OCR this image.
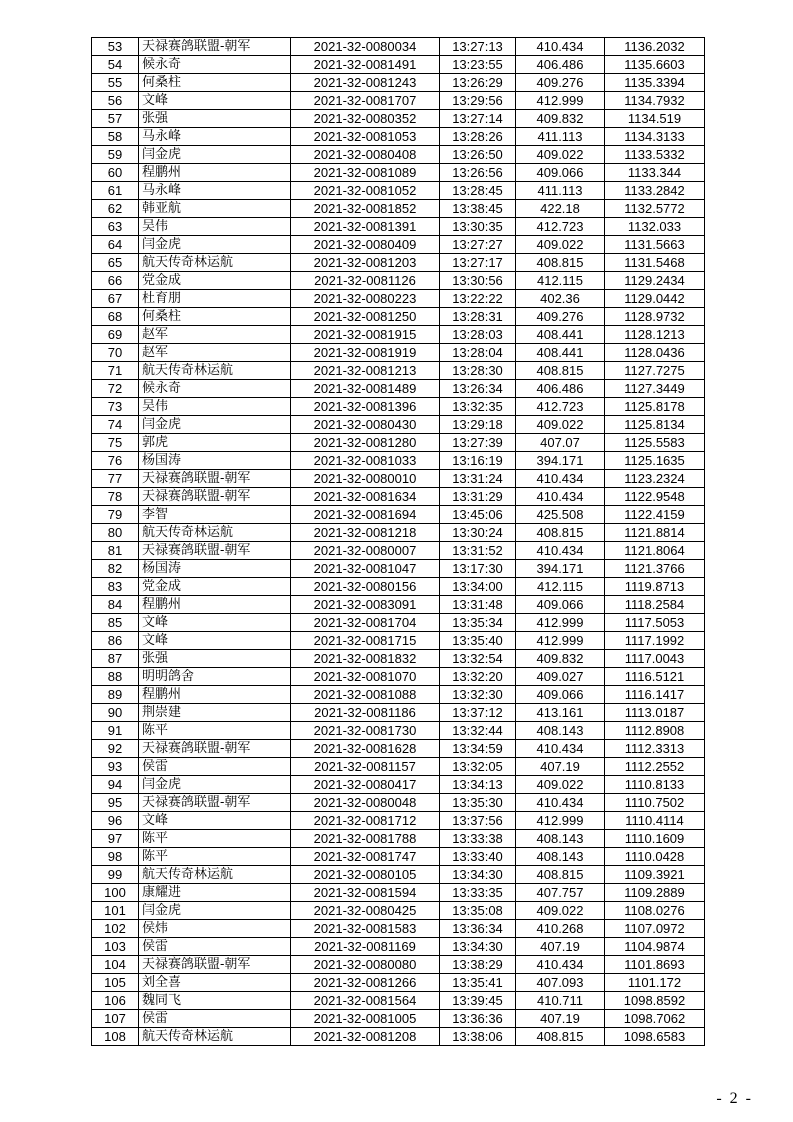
53	天禄赛鸽联盟-朝军	2021-32-0080034	13:27:13	410.434	1136.2032
54	候永奇	2021-32-0081491	13:23:55	406.486	1135.6603
55	何桑柱	2021-32-0081243	13:26:29	409.276	1135.3394
56	文峰	2021-32-0081707	13:29:56	412.999	1134.7932
57	张强	2021-32-0080352	13:27:14	409.832	1134.519
58	马永峰	2021-32-0081053	13:28:26	411.113	1134.3133
59	闫金虎	2021-32-0080408	13:26:50	409.022	1133.5332
60	程鹏州	2021-32-0081089	13:26:56	409.066	1133.344
61	马永峰	2021-32-0081052	13:28:45	411.113	1133.2842
62	韩亚航	2021-32-0081852	13:38:45	422.18	1132.5772
63	吴伟	2021-32-0081391	13:30:35	412.723	1132.033
64	闫金虎	2021-32-0080409	13:27:27	409.022	1131.5663
65	航天传奇林运航	2021-32-0081203	13:27:17	408.815	1131.5468
66	党金成	2021-32-0081126	13:30:56	412.115	1129.2434
67	杜育朋	2021-32-0080223	13:22:22	402.36	1129.0442
68	何桑柱	2021-32-0081250	13:28:31	409.276	1128.9732
69	赵军	2021-32-0081915	13:28:03	408.441	1128.1213
70	赵军	2021-32-0081919	13:28:04	408.441	1128.0436
71	航天传奇林运航	2021-32-0081213	13:28:30	408.815	1127.7275
72	候永奇	2021-32-0081489	13:26:34	406.486	1127.3449
73	吴伟	2021-32-0081396	13:32:35	412.723	1125.8178
74	闫金虎	2021-32-0080430	13:29:18	409.022	1125.8134
75	郭虎	2021-32-0081280	13:27:39	407.07	1125.5583
76	杨国涛	2021-32-0081033	13:16:19	394.171	1125.1635
77	天禄赛鸽联盟-朝军	2021-32-0080010	13:31:24	410.434	1123.2324
78	天禄赛鸽联盟-朝军	2021-32-0081634	13:31:29	410.434	1122.9548
79	李智	2021-32-0081694	13:45:06	425.508	1122.4159
80	航天传奇林运航	2021-32-0081218	13:30:24	408.815	1121.8814
81	天禄赛鸽联盟-朝军	2021-32-0080007	13:31:52	410.434	1121.8064
82	杨国涛	2021-32-0081047	13:17:30	394.171	1121.3766
83	党金成	2021-32-0080156	13:34:00	412.115	1119.8713
84	程鹏州	2021-32-0083091	13:31:48	409.066	1118.2584
85	文峰	2021-32-0081704	13:35:34	412.999	1117.5053
86	文峰	2021-32-0081715	13:35:40	412.999	1117.1992
87	张强	2021-32-0081832	13:32:54	409.832	1117.0043
88	明明鸽舍	2021-32-0081070	13:32:20	409.027	1116.5121
89	程鹏州	2021-32-0081088	13:32:30	409.066	1116.1417
90	荆崇建	2021-32-0081186	13:37:12	413.161	1113.0187
91	陈平	2021-32-0081730	13:32:44	408.143	1112.8908
92	天禄赛鸽联盟-朝军	2021-32-0081628	13:34:59	410.434	1112.3313
93	侯雷	2021-32-0081157	13:32:05	407.19	1112.2552
94	闫金虎	2021-32-0080417	13:34:13	409.022	1110.8133
95	天禄赛鸽联盟-朝军	2021-32-0080048	13:35:30	410.434	1110.7502
96	文峰	2021-32-0081712	13:37:56	412.999	1110.4114
97	陈平	2021-32-0081788	13:33:38	408.143	1110.1609
98	陈平	2021-32-0081747	13:33:40	408.143	1110.0428
99	航天传奇林运航	2021-32-0080105	13:34:30	408.815	1109.3921
100	康耀进	2021-32-0081594	13:33:35	407.757	1109.2889
101	闫金虎	2021-32-0080425	13:35:08	409.022	1108.0276
102	侯炜	2021-32-0081583	13:36:34	410.268	1107.0972
103	侯雷	2021-32-0081169	13:34:30	407.19	1104.9874
104	天禄赛鸽联盟-朝军	2021-32-0080080	13:38:29	410.434	1101.8693
105	刘全喜	2021-32-0081266	13:35:41	407.093	1101.172
106	魏同飞	2021-32-0081564	13:39:45	410.711	1098.8592
107	侯雷	2021-32-0081005	13:36:36	407.19	1098.7062
108	航天传奇林运航	2021-32-0081208	13:38:06	408.815	1098.6583
- 2 -
